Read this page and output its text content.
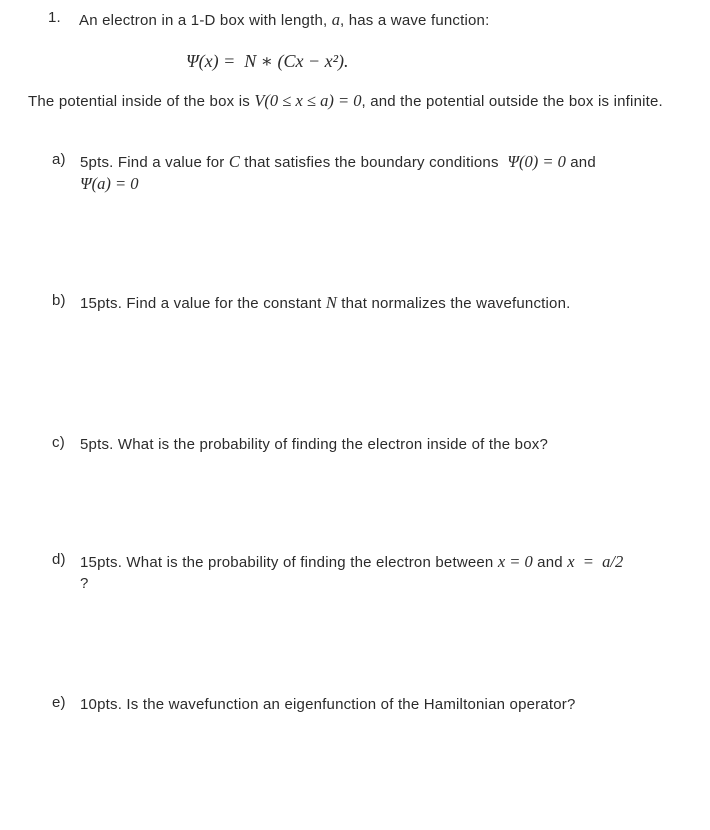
1.	An electron in a 1-D box with length, a, has a wave function:
Ψ(x) =  N ∗ (Cx − x²).
The potential inside of the box is V(0 ≤ x ≤ a) = 0, and the potential outside the box is infinite.
a) 5pts. Find a value for C that satisfies the boundary conditions  Ψ(0) = 0 and
Ψ(a) = 0
b) 15pts. Find a value for the constant N that normalizes the wavefunction.
c)	5pts. What is the probability of finding the electron inside of the box?
d) 15pts. What is the probability of finding the electron between x = 0 and x  =  a/2
?
e) 10pts. Is the wavefunction an eigenfunction of the Hamiltonian operator?
